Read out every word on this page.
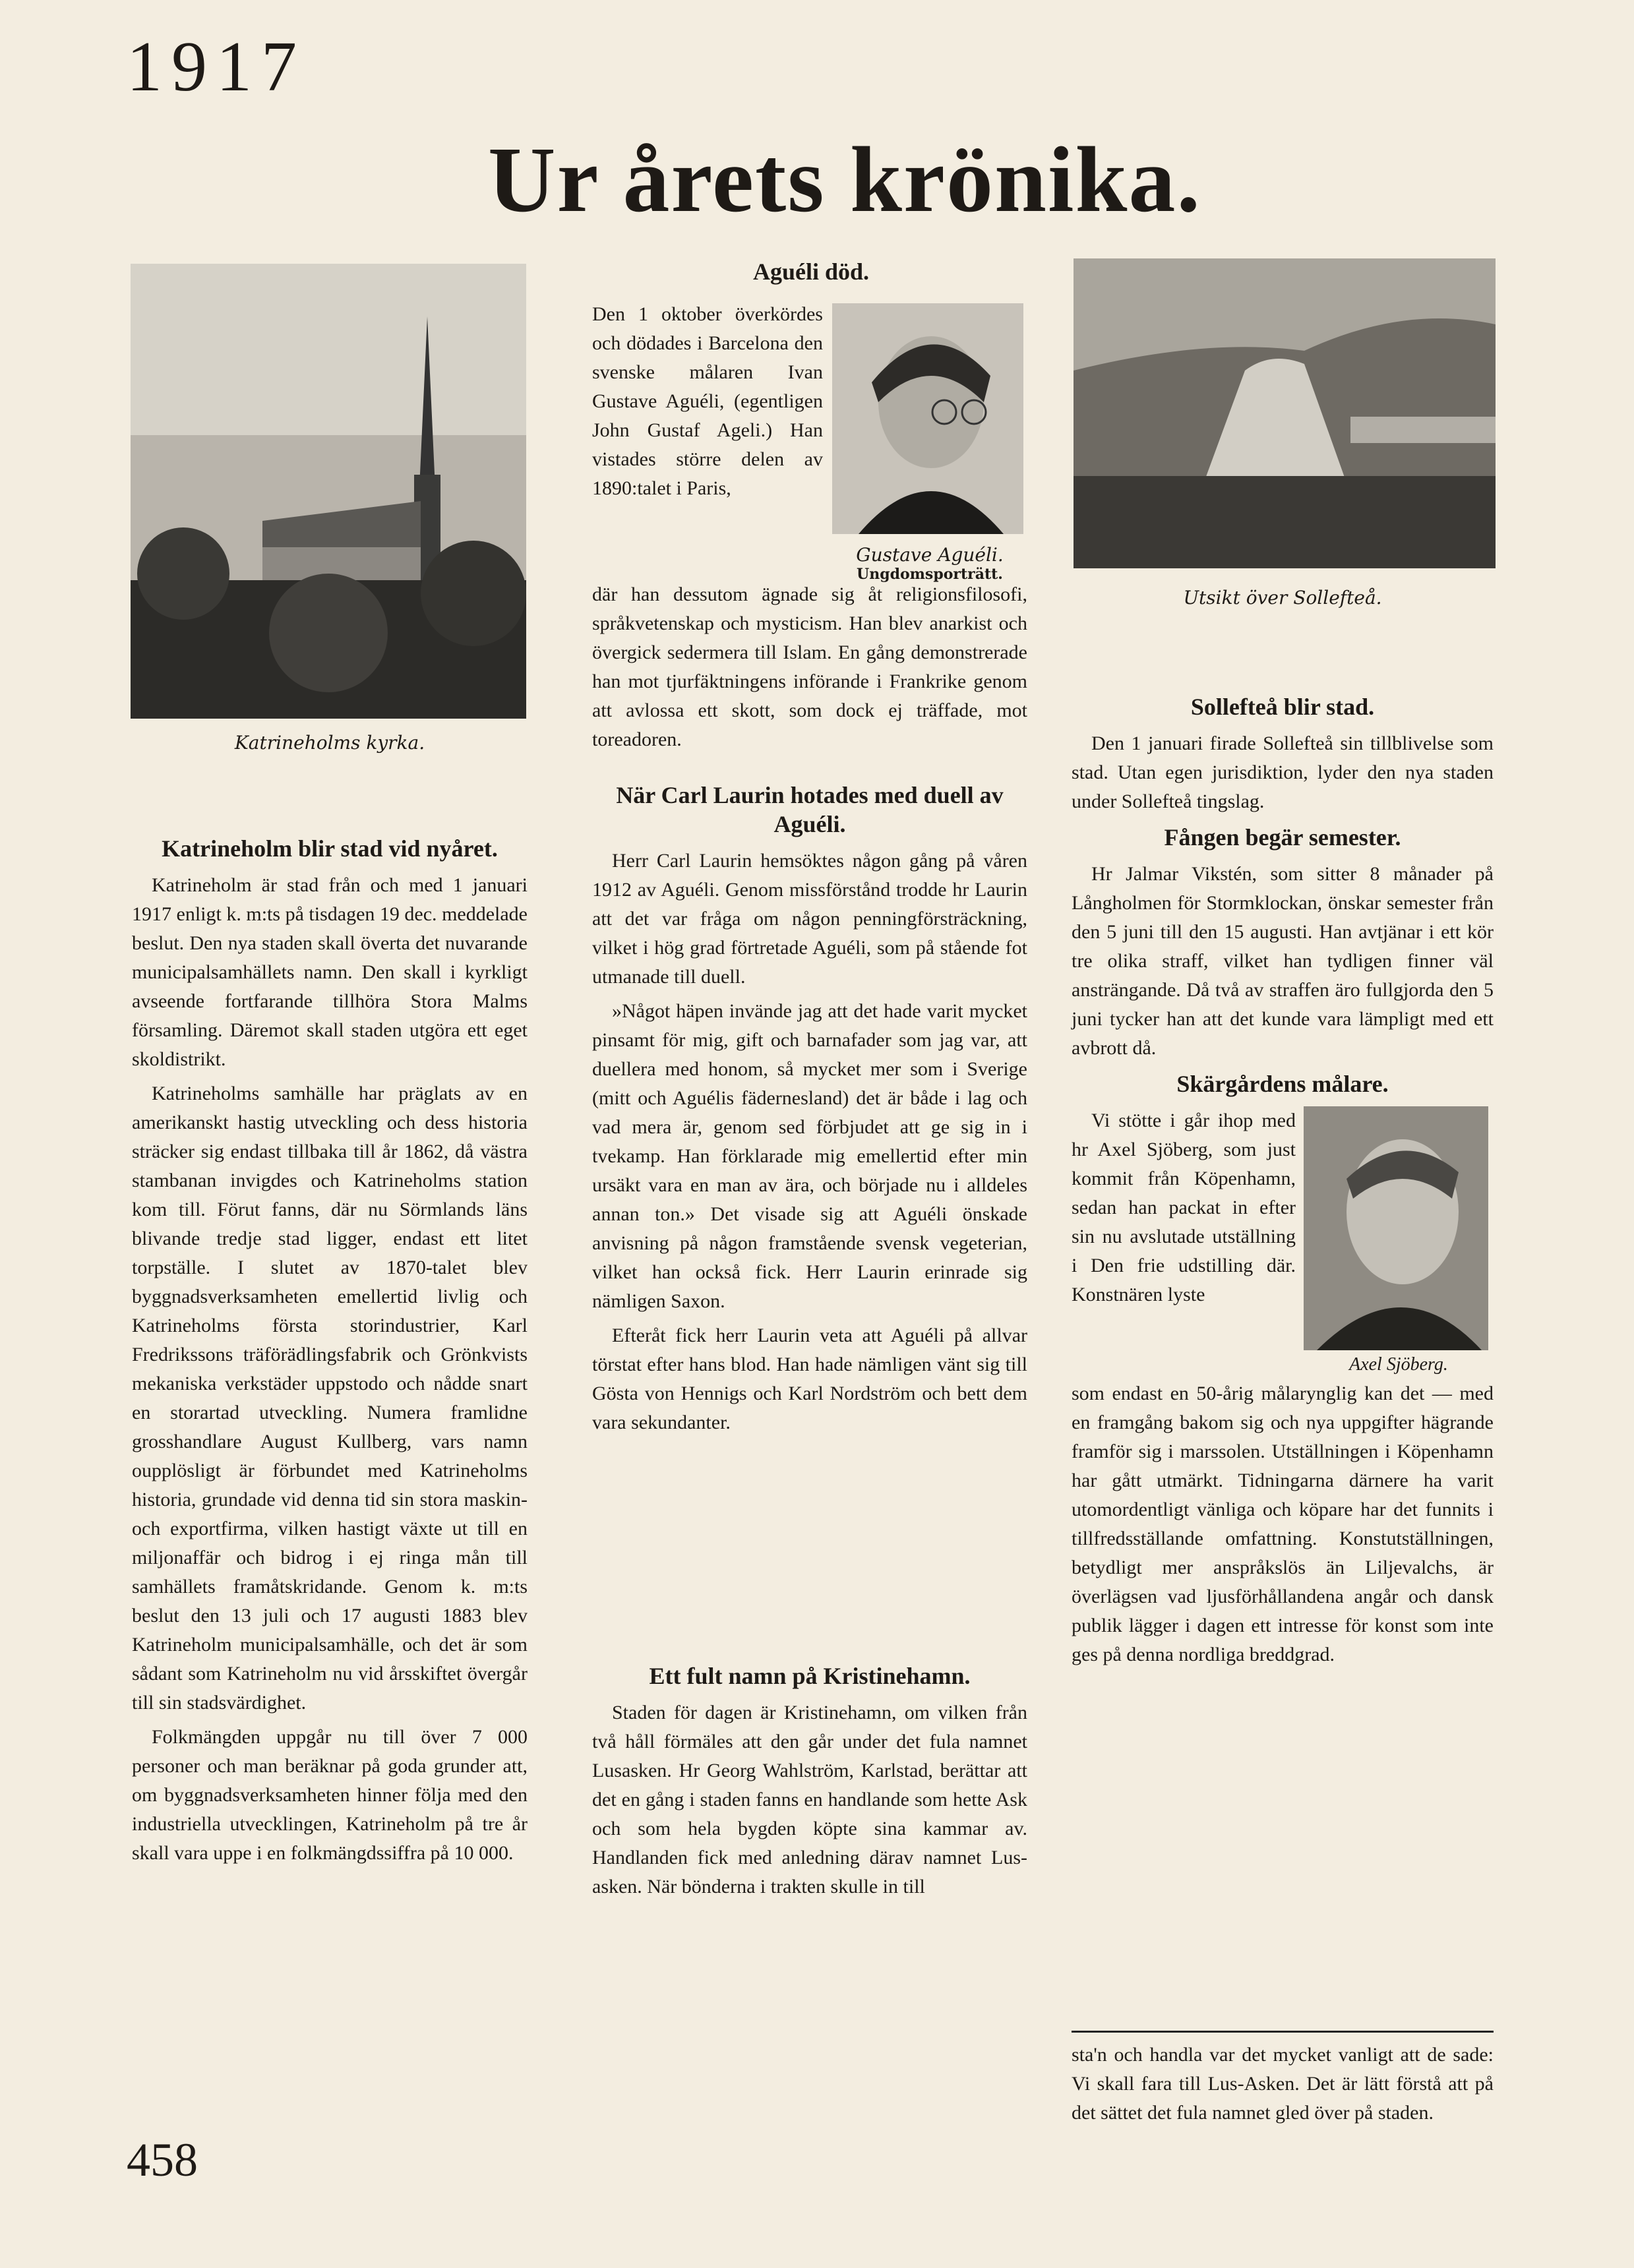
1917
Ur årets krönika.
Katrineholms kyrka.
Katrineholm blir stad vid nyåret.

Katrineholm är stad från och med 1 januari 1917 enligt k. m:ts på tisdagen 19 dec. meddelade beslut. Den nya staden skall överta det nuvarande municipalsamhällets namn. Den skall i kyrkligt avseende fortfarande tillhöra Stora Malms församling. Däremot skall staden utgöra ett eget skoldistrikt.

Katrineholms samhälle har präglats av en amerikanskt hastig utveckling och dess historia sträcker sig endast tillbaka till år 1862, då västra stambanan invigdes och Katrineholms station kom till. Förut fanns, där nu Sörmlands läns blivande tredje stad ligger, endast ett litet torpställe. I slutet av 1870-talet blev byggnadsverksamheten emellertid livlig och Katrineholms första storindustrier, Karl Fredrikssons träförädlingsfabrik och Grönkvists mekaniska verkstäder uppstodo och nådde snart en storartad utveckling. Numera framlidne grosshandlare August Kullberg, vars namn oupplösligt är förbundet med Katrineholms historia, grundade vid denna tid sin stora maskin- och exportfirma, vilken hastigt växte ut till en miljonaffär och bidrog i ej ringa mån till samhällets framåtskridande. Genom k. m:ts beslut den 13 juli och 17 augusti 1883 blev Katrineholm municipalsamhälle, och det är som sådant som Katrineholm nu vid årsskiftet övergår till sin stadsvärdighet.

Folkmängden uppgår nu till över 7 000 personer och man beräknar på goda grunder att, om byggnadsverksamheten hinner följa med den industriella utvecklingen, Katrineholm på tre år skall vara uppe i en folkmängdssiffra på 10 000.

Aguéli död.
Den 1 oktober överkördes och dödades i Barcelona den svenske målaren Ivan Gustave Aguéli, (egentligen John Gustaf Ageli.) Han vistades större delen av 1890:talet i Paris,
Gustave Aguéli.
Ungdomsporträtt.

där han dessutom ägnade sig åt religionsfilosofi, språkvetenskap och mysticism. Han blev anarkist och övergick sedermera till Islam. En gång demonstrerade han mot tjurfäktningens införande i Frankrike genom att avlossa ett skott, som dock ej träffade, mot toreadoren.

När Carl Laurin hotades med duell av Aguéli.

Herr Carl Laurin hemsöktes någon gång på våren 1912 av Aguéli. Genom missförstånd trodde hr Laurin att det var fråga om någon penningförsträckning, vilket i hög grad förtretade Aguéli, som på stående fot utmanade till duell.

»Något häpen invände jag att det hade varit mycket pinsamt för mig, gift och barnafader som jag var, att duellera med honom, så mycket mer som i Sverige (mitt och Aguélis fädernesland) det är både i lag och vad mera är, genom sed förbjudet att ge sig in i tvekamp. Han förklarade mig emellertid efter min ursäkt vara en man av ära, och började nu i alldeles annan ton.» Det visade sig att Aguéli önskade anvisning på någon framstående svensk vegeterian, vilket han också fick. Herr Laurin erinrade sig nämligen Saxon.

Efteråt fick herr Laurin veta att Aguéli på allvar törstat efter hans blod. Han hade nämligen vänt sig till Gösta von Hennigs och Karl Nordström och bett dem vara sekundanter.

Ett fult namn på Kristinehamn.

Staden för dagen är Kristinehamn, om vilken från två håll förmäles att den går under det fula namnet Lusasken. Hr Georg Wahlström, Karlstad, berättar att det en gång i staden fanns en handlande som hette Ask och som hela bygden köpte sina kammar av. Handlanden fick med anledning därav namnet Lus-asken. När bönderna i trakten skulle in till

Utsikt över Sollefteå.
Sollefteå blir stad.

Den 1 januari firade Sollefteå sin tillblivelse som stad. Utan egen jurisdiktion, lyder den nya staden under Sollefteå tingslag.

Fången begär semester.

Hr Jalmar Vikstén, som sitter 8 månader på Långholmen för Stormklockan, önskar semester från den 5 juni till den 15 augusti. Han avtjänar i ett kör tre olika straff, vilket han tydligen finner väl ansträngande. Då två av straffen äro fullgjorda den 5 juni tycker han att det kunde vara lämpligt med ett avbrott då.

Skärgårdens målare.

Vi stötte i går ihop med hr Axel Sjöberg, som just kommit från Köpenhamn, sedan han packat in efter sin nu avslutade utställning i Den frie udstilling där. Konstnären lyste

Axel Sjöberg.

som endast en 50-årig målarynglig kan det — med en framgång bakom sig och nya uppgifter hägrande framför sig i marssolen. Utställningen i Köpenhamn har gått utmärkt. Tidningarna därnere ha varit utomordentligt vänliga och köpare har det funnits i tillfredsställande omfattning. Konstutställningen, betydligt mer anspråkslös än Liljevalchs, är överlägsen vad ljusförhållandena angår och dansk publik lägger i dagen ett intresse för konst som inte ges på denna nordliga breddgrad.

sta'n och handla var det mycket vanligt att de sade: Vi skall fara till Lus-Asken. Det är lätt förstå att på det sättet det fula namnet gled över på staden.

458
